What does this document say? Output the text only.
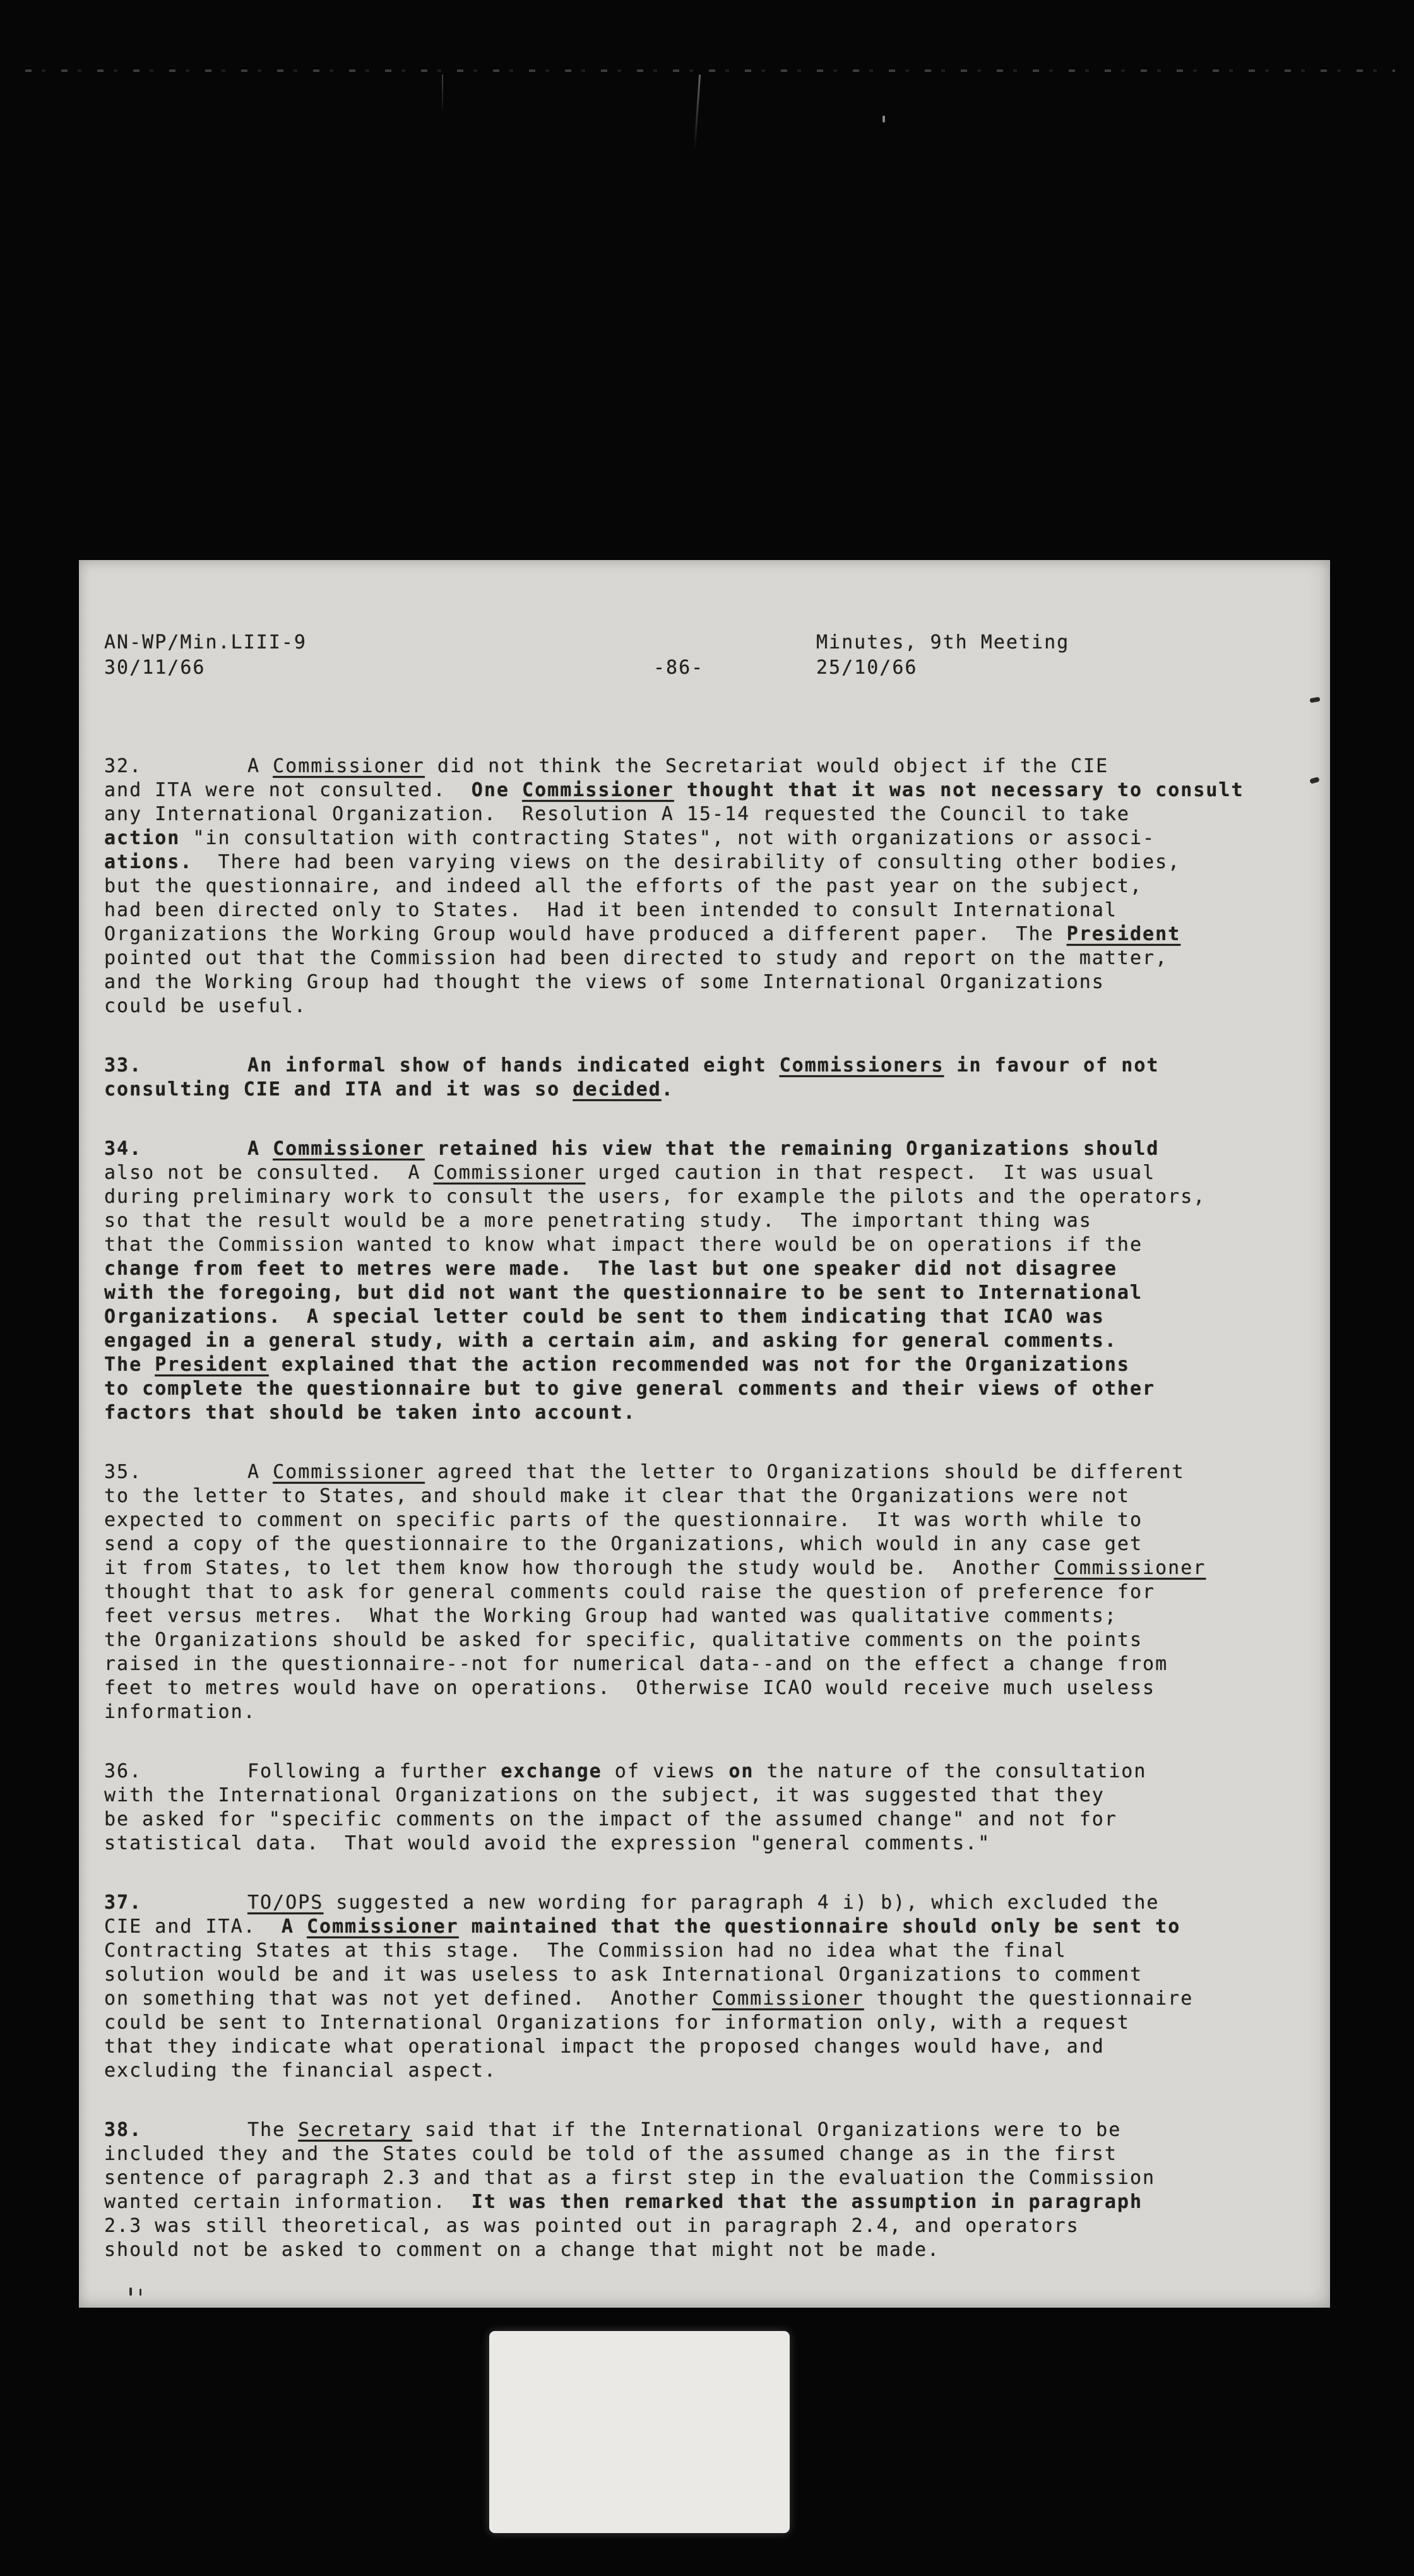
AN-WP/Min.LIII-9	Minutes, 9th Meeting
30/11/66	-86-	25/10/66
32.	A Commissioner did not think the Secretariat would object if the CIE
and ITA were not consulted.  One Commissioner thought that it was not necessary to consult
any International Organization.  Resolution A 15-14 requested the Council to take
action "in consultation with contracting States", not with organizations or associ-
ations.  There had been varying views on the desirability of consulting other bodies,
but the questionnaire, and indeed all the efforts of the past year on the subject,
had been directed only to States.  Had it been intended to consult International
Organizations the Working Group would have produced a different paper.  The President
pointed out that the Commission had been directed to study and report on the matter,
and the Working Group had thought the views of some International Organizations
could be useful.
33.	An informal show of hands indicated eight Commissioners in favour of not
consulting CIE and ITA and it was so decided.
34.	A Commissioner retained his view that the remaining Organizations should
also not be consulted.  A Commissioner urged caution in that respect.  It was usual
during preliminary work to consult the users, for example the pilots and the operators,
so that the result would be a more penetrating study.  The important thing was
that the Commission wanted to know what impact there would be on operations if the
change from feet to metres were made.  The last but one speaker did not disagree
with the foregoing, but did not want the questionnaire to be sent to International
Organizations.  A special letter could be sent to them indicating that ICAO was
engaged in a general study, with a certain aim, and asking for general comments.
The President explained that the action recommended was not for the Organizations
to complete the questionnaire but to give general comments and their views of other
factors that should be taken into account.
35.	A Commissioner agreed that the letter to Organizations should be different
to the letter to States, and should make it clear that the Organizations were not
expected to comment on specific parts of the questionnaire.  It was worth while to
send a copy of the questionnaire to the Organizations, which would in any case get
it from States, to let them know how thorough the study would be.  Another Commissioner
thought that to ask for general comments could raise the question of preference for
feet versus metres.  What the Working Group had wanted was qualitative comments;
the Organizations should be asked for specific, qualitative comments on the points
raised in the questionnaire--not for numerical data--and on the effect a change from
feet to metres would have on operations.  Otherwise ICAO would receive much useless
information.
36.	Following a further exchange of views on the nature of the consultation
with the International Organizations on the subject, it was suggested that they
be asked for "specific comments on the impact of the assumed change" and not for
statistical data.  That would avoid the expression "general comments."
37.	TO/OPS suggested a new wording for paragraph 4 i) b), which excluded the
CIE and ITA.  A Commissioner maintained that the questionnaire should only be sent to
Contracting States at this stage.  The Commission had no idea what the final
solution would be and it was useless to ask International Organizations to comment
on something that was not yet defined.  Another Commissioner thought the questionnaire
could be sent to International Organizations for information only, with a request
that they indicate what operational impact the proposed changes would have, and
excluding the financial aspect.
38.	The Secretary said that if the International Organizations were to be
included they and the States could be told of the assumed change as in the first
sentence of paragraph 2.3 and that as a first step in the evaluation the Commission
wanted certain information.  It was then remarked that the assumption in paragraph
2.3 was still theoretical, as was pointed out in paragraph 2.4, and operators
should not be asked to comment on a change that might not be made.
